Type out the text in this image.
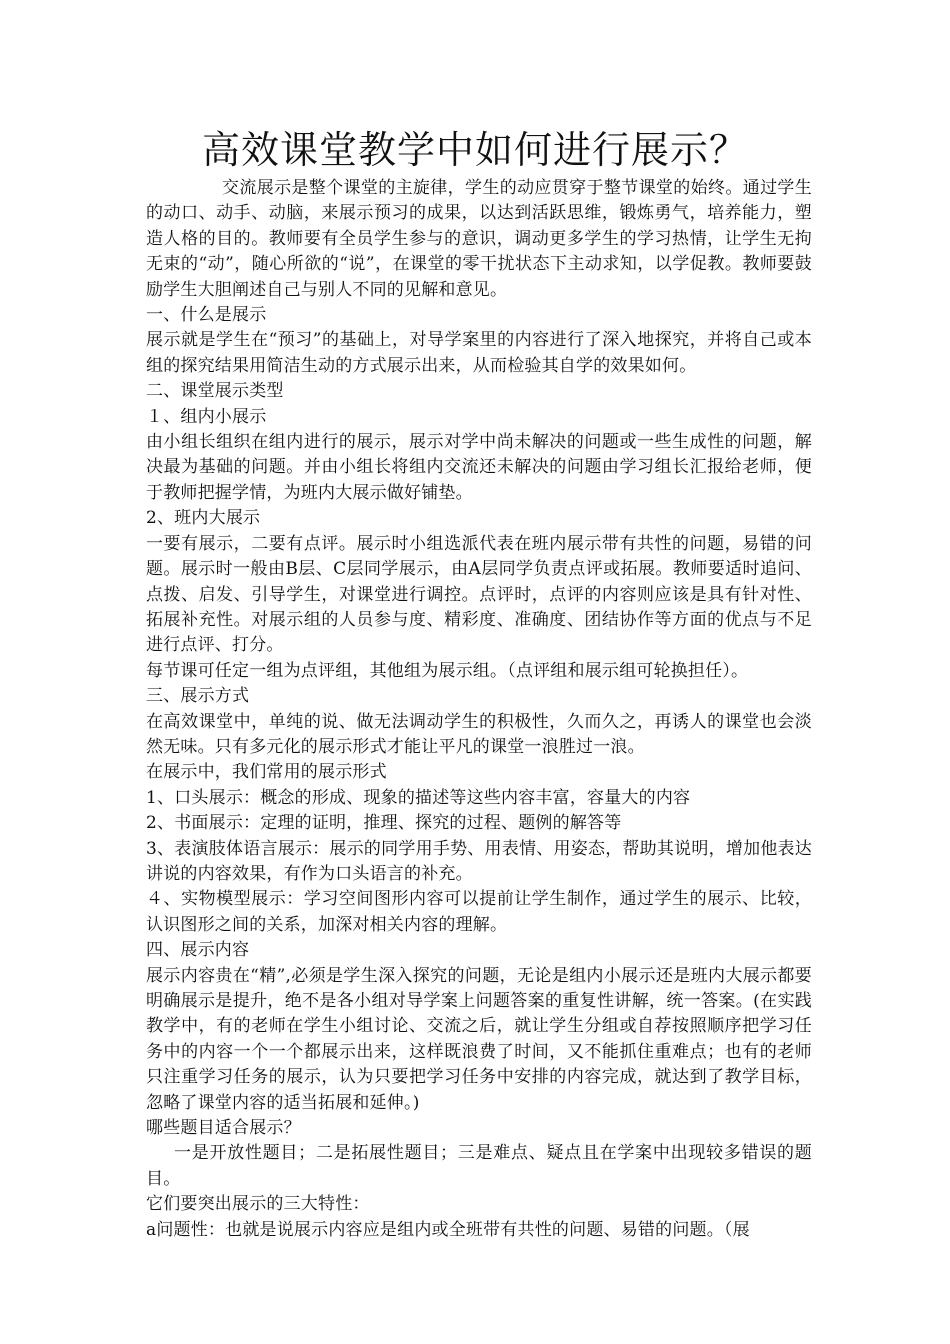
高效课堂教学中如何进行展示？

交流展示是整个课堂的主旋律，学生的动应贯穿于整节课堂的始终。通过学生的动口、动手、动脑，来展示预习的成果，以达到活跃思维，锻炼勇气，培养能力，塑造人格的目的。教师要有全员学生参与的意识，调动更多学生的学习热情，让学生无拘无束的“动”，随心所欲的“说”，在课堂的零干扰状态下主动求知，以学促教。教师要鼓励学生大胆阐述自己与别人不同的见解和意见。

一、什么是展示

展示就是学生在“预习”的基础上，对导学案里的内容进行了深入地探究，并将自己或本组的探究结果用简洁生动的方式展示出来，从而检验其自学的效果如何。

二、课堂展示类型

１、组内小展示

由小组长组织在组内进行的展示，展示对学中尚未解决的问题或一些生成性的问题，解决最为基础的问题。并由小组长将组内交流还未解决的问题由学习组长汇报给老师，便于教师把握学情，为班内大展示做好铺垫。

2、班内大展示

一要有展示，二要有点评。展示时小组选派代表在班内展示带有共性的问题，易错的问题。展示时一般由B层、C层同学展示，由A层同学负责点评或拓展。教师要适时追问、点拨、启发、引导学生，对课堂进行调控。点评时，点评的内容则应该是具有针对性、拓展补充性。对展示组的人员参与度、精彩度、准确度、团结协作等方面的优点与不足进行点评、打分。

每节课可任定一组为点评组，其他组为展示组。（点评组和展示组可轮换担任）。

三、展示方式

在高效课堂中，单纯的说、做无法调动学生的积极性，久而久之，再诱人的课堂也会淡然无味。只有多元化的展示形式才能让平凡的课堂一浪胜过一浪。

在展示中，我们常用的展示形式

1、口头展示：概念的形成、现象的描述等这些内容丰富，容量大的内容

2、书面展示：定理的证明，推理、探究的过程、题例的解答等

3、表演肢体语言展示：展示的同学用手势、用表情、用姿态，帮助其说明，增加他表达讲说的内容效果，有作为口头语言的补充。

４、实物模型展示：学习空间图形内容可以提前让学生制作，通过学生的展示、比较，认识图形之间的关系，加深对相关内容的理解。

四、展示内容

展示内容贵在“精”,必须是学生深入探究的问题，无论是组内小展示还是班内大展示都要明确展示是提升，绝不是各小组对导学案上问题答案的重复性讲解，统一答案。(在实践教学中，有的老师在学生小组讨论、交流之后，就让学生分组或自荐按照顺序把学习任务中的内容一个一个都展示出来，这样既浪费了时间，又不能抓住重难点；也有的老师只注重学习任务的展示，认为只要把学习任务中安排的内容完成，就达到了教学目标，忽略了课堂内容的适当拓展和延伸。)

哪些题目适合展示？

一是开放性题目；二是拓展性题目；三是难点、疑点且在学案中出现较多错误的题目。

它们要突出展示的三大特性：

a问题性：也就是说展示内容应是组内或全班带有共性的问题、易错的问题。（展
